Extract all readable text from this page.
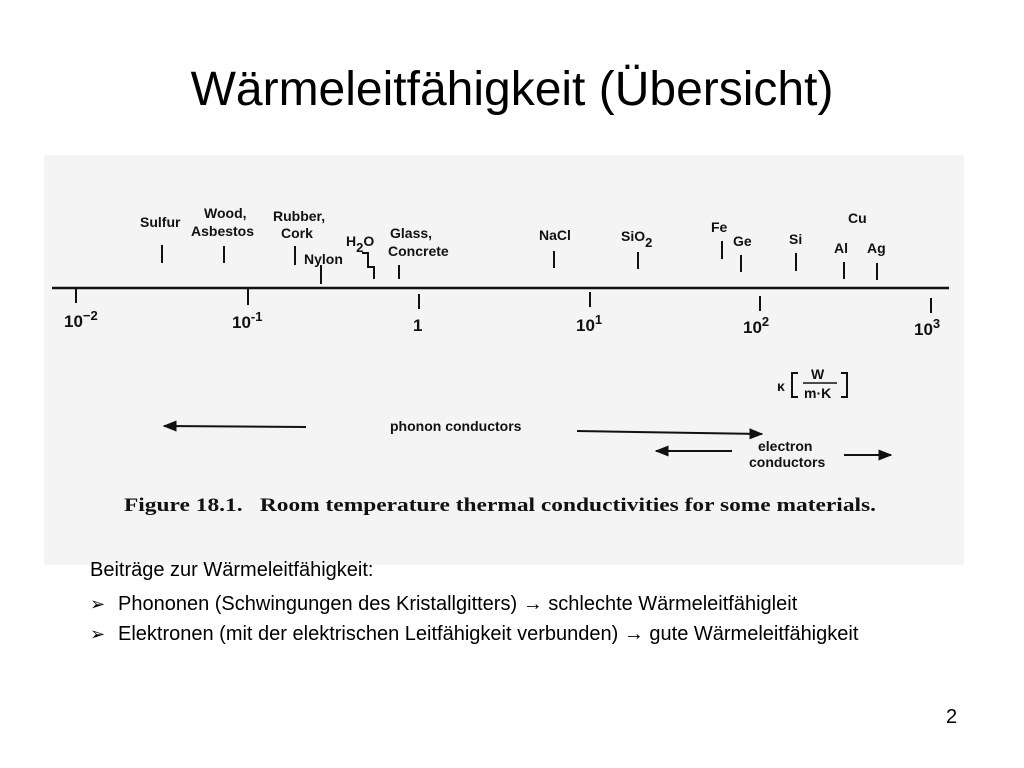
Wärmeleitfähigkeit (Übersicht)
$10^{-2}$	$10^{-1}$	1	$10^1$	$10^2$	$10^3$
Sulfur
Wood,
Asbestos
Rubber,
Cork
Nylon
H2O Glass,
Concrete
NaCl	SiO2
Fe
Ge	Si
Cu
Al Ag
κ
W
m·K
phonon conductors
electron
conductors
Figure 18.1. Room temperature thermal conductivities for some materials.
Beiträge zur Wärmeleitfähigkeit:
➢ Phononen (Schwingungen des Kristallgitters) → schlechte Wärmeleitfähigleit
➢ Elektronen (mit der elektrischen Leitfähigkeit verbunden) → gute Wärmeleitfähigkeit
2
